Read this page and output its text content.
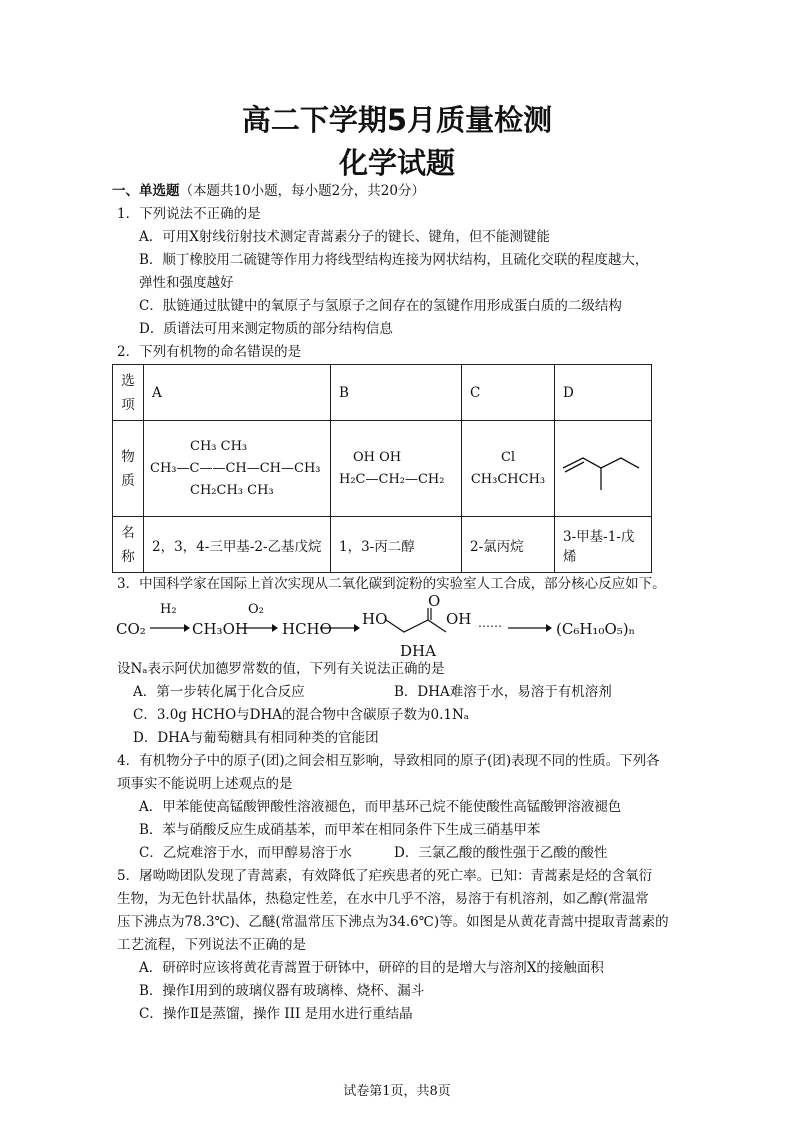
高二下学期5月质量检测
化学试题
一、单选题（本题共10小题，每小题2分，共20分）
1．下列说法不正确的是
A．可用X射线衍射技术测定青蒿素分子的键长、键角，但不能测键能
B．顺丁橡胶用二硫键等作用力将线型结构连接为网状结构，且硫化交联的程度越大，
弹性和强度越好
C．肽链通过肽键中的氧原子与氢原子之间存在的氢键作用形成蛋白质的二级结构
D．质谱法可用来测定物质的部分结构信息
2．下列有机物的命名错误的是
选项	A	B	C	D
物质	CH₃ CH₃
CH₃—C——CH—CH—CH₃
CH₂CH₃ CH₃	OH OH
H₂C—CH₂—CH₂	Cl
CH₃CHCH₃

名称	2，3，4-三甲基-2-乙基戊烷	1，3-丙二醇	2-氯丙烷	3-甲基-1-戊烯
3．中国科学家在国际上首次实现从二氧化碳到淀粉的实验室人工合成，部分核心反应如下。
CO₂
H₂
CH₃OH
O₂
HCHO
HO
O
OH ……	(C₆H₁₀O₅)ₙ
DHA
设Nₐ表示阿伏加德罗常数的值，下列有关说法正确的是
A．第一步转化属于化合反应	B．DHA难溶于水，易溶于有机溶剂
C．3.0g HCHO与DHA的混合物中含碳原子数为0.1Nₐ
D．DHA与葡萄糖具有相同种类的官能团
4．有机物分子中的原子(团)之间会相互影响，导致相同的原子(团)表现不同的性质。下列各
项事实不能说明上述观点的是
A．甲苯能使高锰酸钾酸性溶液褪色，而甲基环己烷不能使酸性高锰酸钾溶液褪色
B．苯与硝酸反应生成硝基苯，而甲苯在相同条件下生成三硝基甲苯
C．乙烷难溶于水，而甲醇易溶于水	D．三氯乙酸的酸性强于乙酸的酸性
5．屠呦呦团队发现了青蒿素，有效降低了疟疾患者的死亡率。已知：青蒿素是烃的含氧衍
生物，为无色针状晶体，热稳定性差，在水中几乎不溶，易溶于有机溶剂，如乙醇(常温常
压下沸点为78.3℃)、乙醚(常温常压下沸点为34.6℃)等。如图是从黄花青蒿中提取青蒿素的
工艺流程，下列说法不正确的是
A．研碎时应该将黄花青蒿置于研钵中，研碎的目的是增大与溶剂X的接触面积
B．操作Ⅰ用到的玻璃仪器有玻璃棒、烧杯、漏斗
C．操作Ⅱ是蒸馏，操作 III 是用水进行重结晶
试卷第1页，共8页
